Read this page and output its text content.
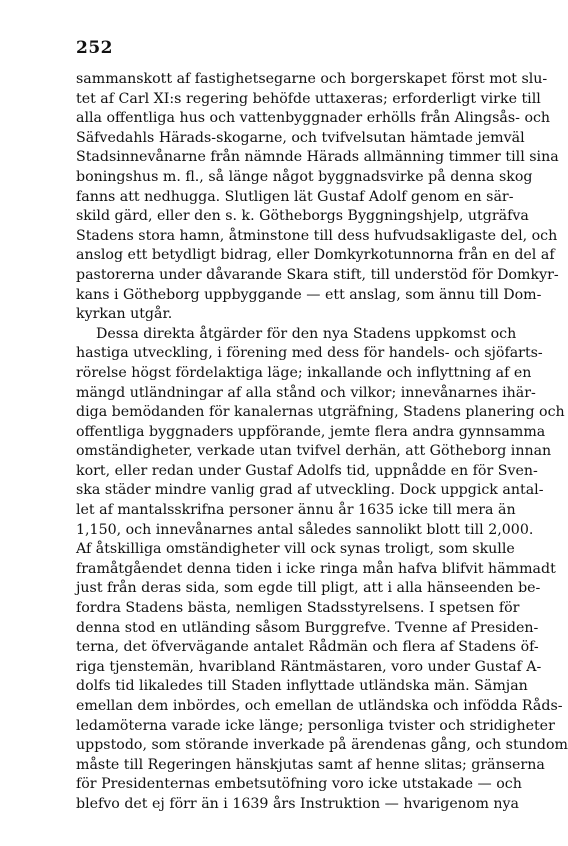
252
sammanskott af fastighetsegarne och borgerskapet först mot slu-
tet af Carl XI:s regering behöfde uttaxeras; erforderligt virke till
alla offentliga hus och vattenbyggnader erhölls från Alingsås- och
Säfvedahls Härads-skogarne, och tvifvelsutan hämtade jemväl
Stadsinnevånarne från nämnde Härads allmänning timmer till sina
boningshus m. fl., så länge något byggnadsvirke på denna skog
fanns att nedhugga. Slutligen lät Gustaf Adolf genom en sär-
skild gärd, eller den s. k. Götheborgs Byggningshjelp, utgräfva
Stadens stora hamn, åtminstone till dess hufvudsakligaste del, och
anslog ett betydligt bidrag, eller Domkyrkotunnorna från en del af
pastorerna under dåvarande Skara stift, till understöd för Domkyr-
kans i Götheborg uppbyggande — ett anslag, som ännu till Dom-
kyrkan utgår.
Dessa direkta åtgärder för den nya Stadens uppkomst och
hastiga utveckling, i förening med dess för handels- och sjöfarts-
rörelse högst fördelaktiga läge; inkallande och inflyttning af en
mängd utländningar af alla stånd och vilkor; innevånarnes ihär-
diga bemödanden för kanalernas utgräfning, Stadens planering och
offentliga byggnaders uppförande, jemte flera andra gynnsamma
omständigheter, verkade utan tvifvel derhän, att Götheborg innan
kort, eller redan under Gustaf Adolfs tid, uppnådde en för Sven-
ska städer mindre vanlig grad af utveckling. Dock uppgick antal-
let af mantalsskrifna personer ännu år 1635 icke till mera än
1,150, och innevånarnes antal således sannolikt blott till 2,000.
Af åtskilliga omständigheter vill ock synas troligt, som skulle
framåtgåendet denna tiden i icke ringa mån hafva blifvit hämmadt
just från deras sida, som egde till pligt, att i alla hänseenden be-
fordra Stadens bästa, nemligen Stadsstyrelsens. I spetsen för
denna stod en utländing såsom Burggrefve. Tvenne af Presiden-
terna, det öfvervägande antalet Rådmän och flera af Stadens öf-
riga tjenstemän, hvaribland Räntmästaren, voro under Gustaf A-
dolfs tid likaledes till Staden inflyttade utländska män. Sämjan
emellan dem inbördes, och emellan de utländska och infödda Råds-
ledamöterna varade icke länge; personliga tvister och stridigheter
uppstodo, som störande inverkade på ärendenas gång, och stundom
måste till Regeringen hänskjutas samt af henne slitas; gränserna
för Presidenternas embetsutöfning voro icke utstakade — och
blefvo det ej förr än i 1639 års Instruktion — hvarigenom nya
